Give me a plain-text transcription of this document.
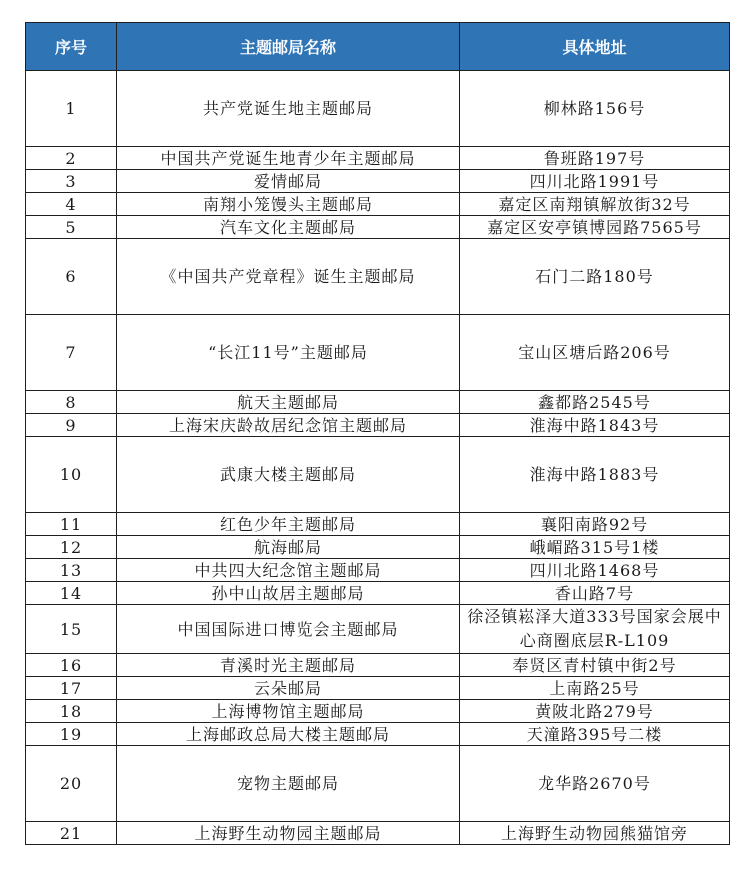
序号	主题邮局名称	具体地址
1	共产党诞生地主题邮局	柳林路156号
2	中国共产党诞生地青少年主题邮局	鲁班路197号
3	爱情邮局	四川北路1991号
4	南翔小笼馒头主题邮局	嘉定区南翔镇解放街32号
5	汽车文化主题邮局	嘉定区安亭镇博园路7565号
6	《中国共产党章程》诞生主题邮局	石门二路180号
7	“长江11号”主题邮局	宝山区塘后路206号
8	航天主题邮局	鑫都路2545号
9	上海宋庆龄故居纪念馆主题邮局	淮海中路1843号
10	武康大楼主题邮局	淮海中路1883号
11	红色少年主题邮局	襄阳南路92号
12	航海邮局	峨嵋路315号1楼
13	中共四大纪念馆主题邮局	四川北路1468号
14	孙中山故居主题邮局	香山路7号
15	中国国际进口博览会主题邮局	徐泾镇崧泽大道333号国家会展中心商圈底层R-L109
16	青溪时光主题邮局	奉贤区青村镇中街2号
17	云朵邮局	上南路25号
18	上海博物馆主题邮局	黄陂北路279号
19	上海邮政总局大楼主题邮局	天潼路395号二楼
20	宠物主题邮局	龙华路2670号
21	上海野生动物园主题邮局	上海野生动物园熊猫馆旁
